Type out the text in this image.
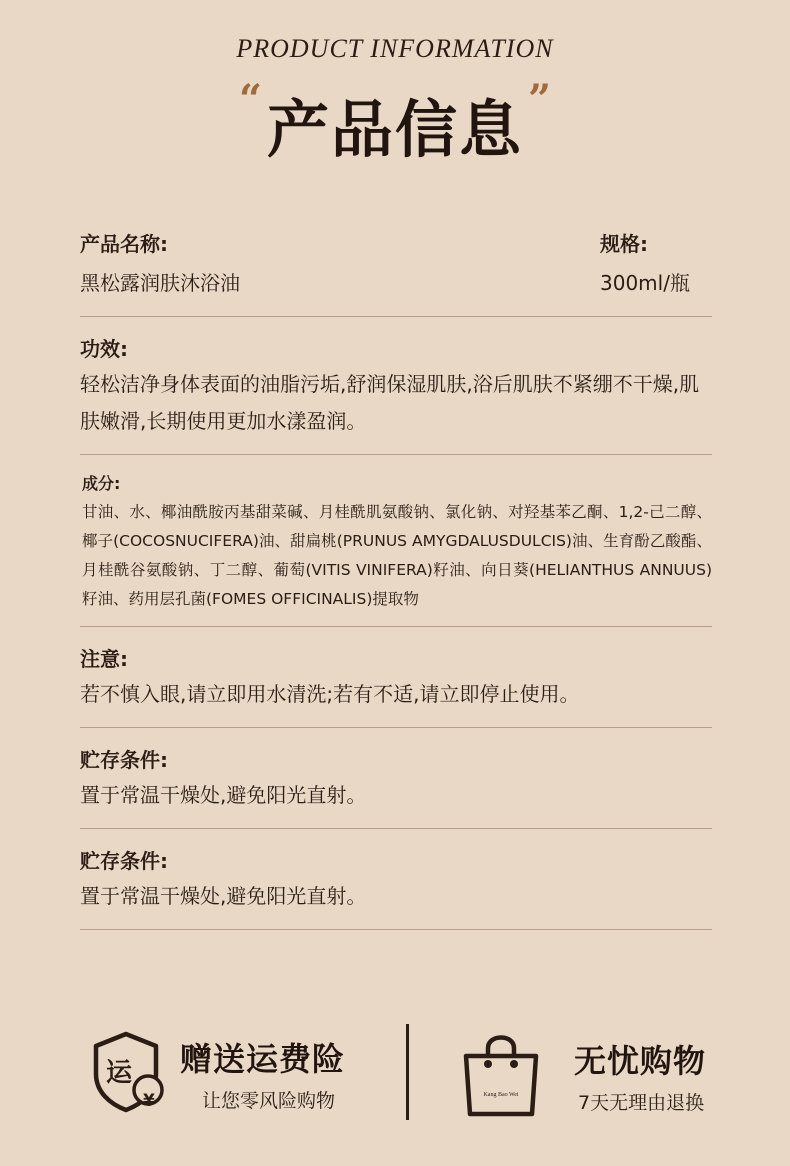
PRODUCT INFORMATION
“ 产品信息 ”
产品名称:
黑松露润肤沐浴油
规格:
300ml/瓶
功效:
轻松洁净身体表面的油脂污垢,舒润保湿肌肤,浴后肌肤不紧绷不干燥,肌肤嫩滑,长期使用更加水漾盈润。
成分:
甘油、水、椰油酰胺丙基甜菜碱、月桂酰肌氨酸钠、氯化钠、对羟基苯乙酮、1,2-己二醇、椰子(COCOSNUCIFERA)油、甜扁桃(PRUNUS AMYGDALUSDULCIS)油、生育酚乙酸酯、月桂酰谷氨酸钠、丁二醇、葡萄(VITIS VINIFERA)籽油、向日葵(HELIANTHUS ANNUUS)籽油、药用层孔菌(FOMES OFFICINALIS)提取物
注意:
若不慎入眼,请立即用水清洗;若有不适,请立即停止使用。
贮存条件:
置于常温干燥处,避免阳光直射。
贮存条件:
置于常温干燥处,避免阳光直射。
运
¥
赠送运费险
让您零风险购物	Kang Bao Wei
无忧购物
7天无理由退换
